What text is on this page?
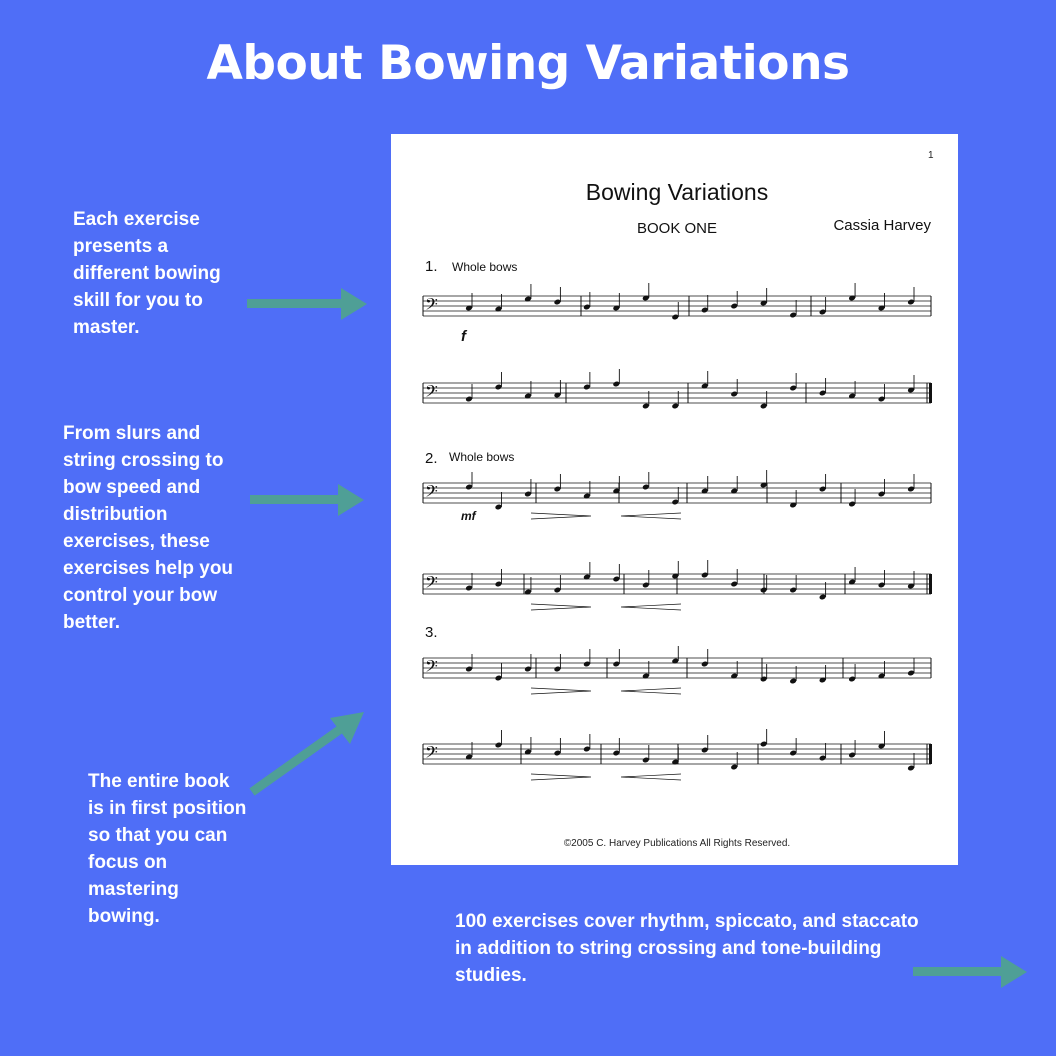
About Bowing Variations
Each exercise presents a different bowing skill for you to master.
From slurs and string crossing to bow speed and distribution exercises, these exercises help you control your bow better.
The entire book is in first position so that you can focus on mastering bowing.	100 exercises cover rhythm, spiccato, and staccato in addition to string crossing and tone-building studies.
1
Bowing Variations
BOOK ONE	Cassia Harvey
1. Whole bows
2. Whole bows
3.
f
mf
𝄢
𝄢
𝄢
𝄢
𝄢
𝄢
©2005 C. Harvey Publications All Rights Reserved.
